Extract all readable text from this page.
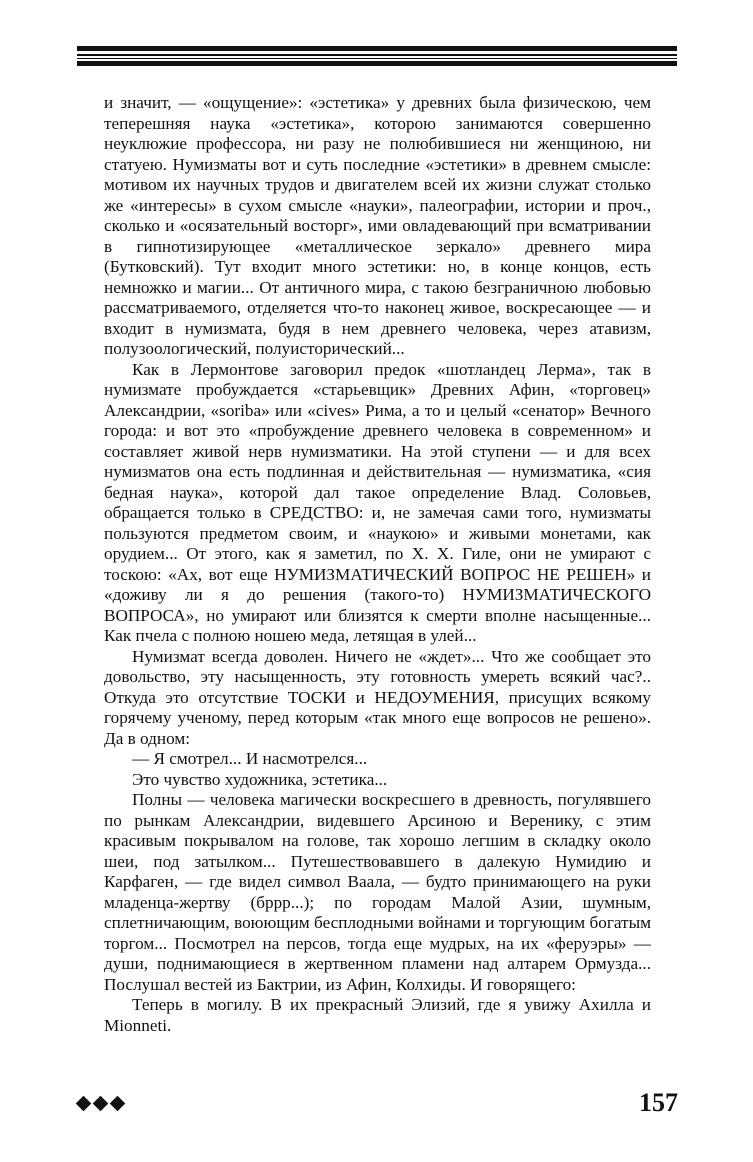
и значит, — «ощущение»: «эстетика» у древних была физическою, чем теперешняя наука «эстетика», которою занимаются совершенно неуклюжие профессора, ни разу не полюбившиеся ни женщиною, ни статуею. Нумизматы вот и суть последние «эстетики» в древнем смысле: мотивом их научных трудов и двигателем всей их жизни служат столько же «интересы» в сухом смысле «науки», палеографии, истории и проч., сколько и «осязательный восторг», ими овладевающий при всматривании в гипнотизирующее «металлическое зеркало» древнего мира (Бутковский). Тут входит много эстетики: но, в конце концов, есть немножко и магии... От античного мира, с такою безграничною любовью рассматриваемого, отделяется что-то наконец живое, воскресающее — и входит в нумизмата, будя в нем древнего человека, через атавизм, полузоологический, полуисторический...

Как в Лермонтове заговорил предок «шотландец Лерма», так в нумизмате пробуждается «старьевщик» Древних Афин, «торговец» Александрии, «soriba» или «cives» Рима, а то и целый «сенатор» Вечного города: и вот это «пробуждение древнего человека в современном» и составляет живой нерв нумизматики. На этой ступени — и для всех нумизматов она есть подлинная и действительная — нумизматика, «сия бедная наука», которой дал такое определение Влад. Соловьев, обращается только в СРЕДСТВО: и, не замечая сами того, нумизматы пользуются предметом своим, и «наукою» и живыми монетами, как орудием... От этого, как я заметил, по Х. Х. Гиле, они не умирают с тоскою: «Ах, вот еще НУМИЗМАТИЧЕСКИЙ ВОПРОС НЕ РЕШЕН» и «доживу ли я до решения (такого-то) НУМИЗМАТИЧЕСКОГО ВОПРОСА», но умирают или близятся к смерти вполне насыщенные... Как пчела с полною ношею меда, летящая в улей...

Нумизмат всегда доволен. Ничего не «ждет»... Что же сообщает это довольство, эту насыщенность, эту готовность умереть всякий час?.. Откуда это отсутствие ТОСКИ и НЕДОУМЕНИЯ, присущих всякому горячему ученому, перед которым «так много еще вопросов не решено». Да в одном:

— Я смотрел... И насмотрелся...

Это чувство художника, эстетика...

Полны — человека магически воскресшего в древность, погулявшего по рынкам Александрии, видевшего Арсиною и Веренику, с этим красивым покрывалом на голове, так хорошо легшим в складку около шеи, под затылком... Путешествовавшего в далекую Нумидию и Карфаген, — где видел символ Ваала, — будто принимающего на руки младенца-жертву (бррр...); по городам Малой Азии, шумным, сплетничающим, воюющим бесплодными войнами и торгующим богатым торгом... Посмотрел на персов, тогда еще мудрых, на их «феруэры» — души, поднимающиеся в жертвенном пламени над алтарем Ормузда... Послушал вестей из Бактрии, из Афин, Колхиды. И говорящего:

Теперь в могилу. В их прекрасный Элизий, где я увижу Ахилла и Mionneti.

157
